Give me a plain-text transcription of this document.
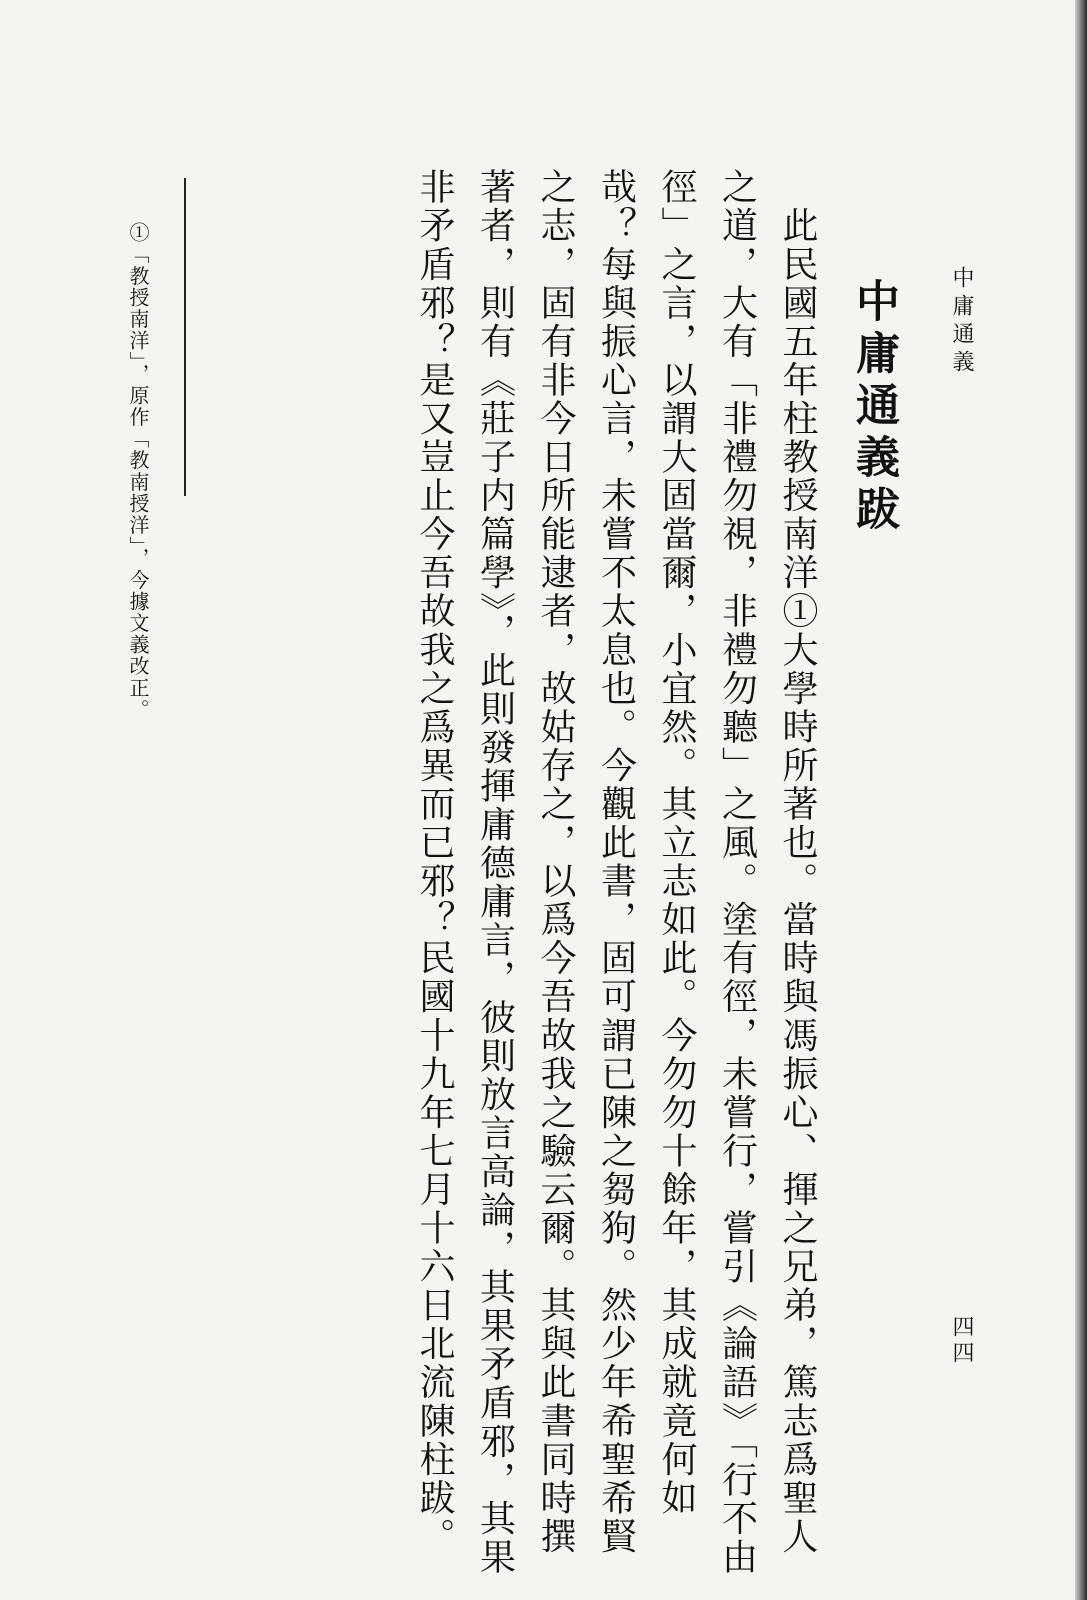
中庸通義
四四
中庸通義跋
　此民國五年柱教授南洋①大學時所著也。當時與馮振心、揮之兄弟，篤志爲聖人
之道，大有「非禮勿視，非禮勿聽」之風。塗有徑，未嘗行，嘗引《論語》「行不由
徑」之言，以謂大固當爾，小宜然。其立志如此。今勿勿十餘年，其成就竟何如
哉？每與振心言，未嘗不太息也。今觀此書，固可謂已陳之芻狗。然少年希聖希賢
之志，固有非今日所能逮者，故姑存之，以爲今吾故我之驗云爾。其與此書同時撰
著者，則有《莊子内篇學》，此則發揮庸德庸言，彼則放言高論，其果矛盾邪，其果
非矛盾邪？是又豈止今吾故我之爲異而已邪？民國十九年七月十六日北流陳柱跋。
①「教授南洋」，原作「教南授洋」，今據文義改正。
